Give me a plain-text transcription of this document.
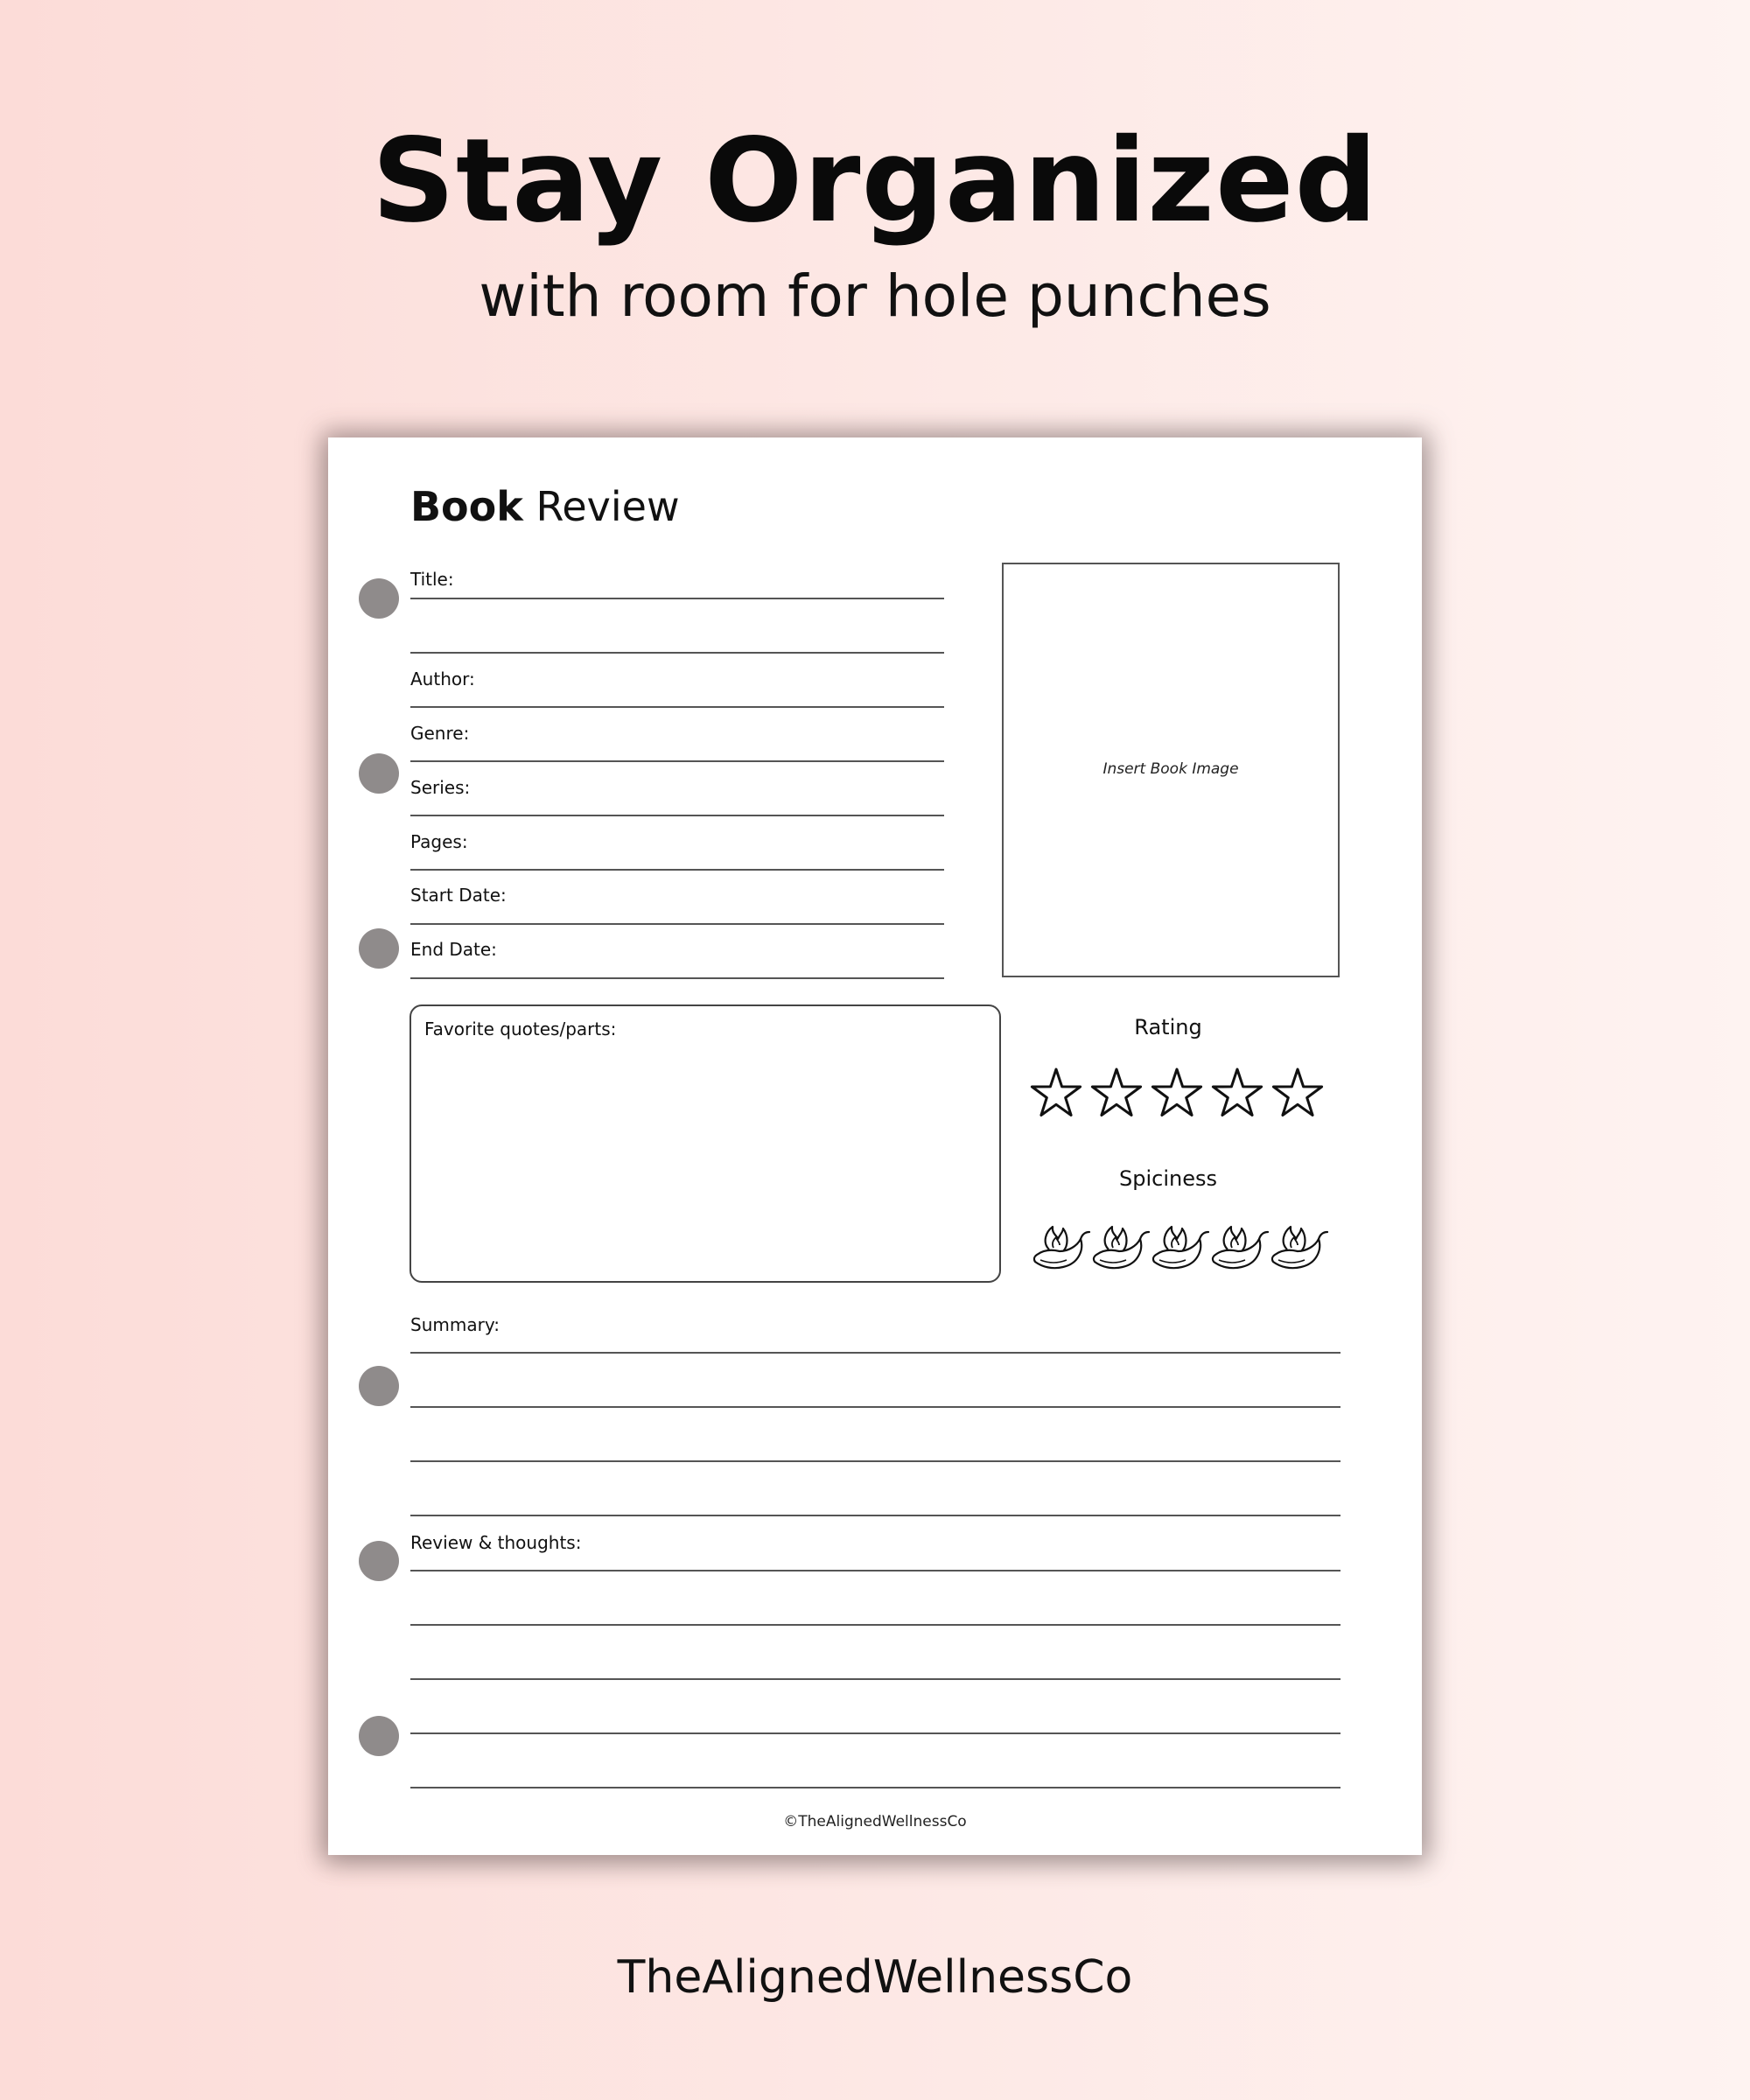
Stay Organized

with room for hole punches

Book Review
Title:
Author:
Genre:
Series:
Pages:
Start Date:
End Date:
Insert Book Image
Favorite quotes/parts:	Rating
Spiciness
Summary:
Review & thoughts:
©TheAlignedWellnessCo

TheAlignedWellnessCo
